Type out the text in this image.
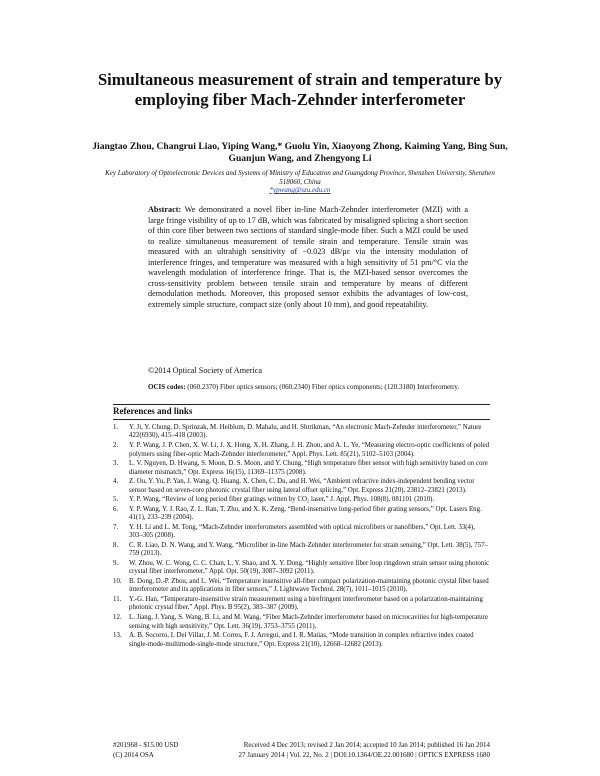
Simultaneous measurement of strain and temperature by employing fiber Mach-Zehnder interferometer

Jiangtao Zhou, Changrui Liao, Yiping Wang,* Guolu Yin, Xiaoyong Zhong, Kaiming Yang, Bing Sun, Guanjun Wang, and Zhengyong Li

Key Laboratory of Optoelectronic Devices and Systems of Ministry of Education and Guangdong Province, Shenzhen University, Shenzhen 518060, China

*ypwang@szu.edu.cn

Abstract: We demonstrated a novel fiber in-line Mach-Zehnder interferometer (MZI) with a large fringe visibility of up to 17 dB, which was fabricated by misaligned splicing a short section of thin core fiber between two sections of standard single-mode fiber. Such a MZI could be used to realize simultaneous measurement of tensile strain and temperature. Tensile strain was measured with an ultrahigh sensitivity of −0.023 dB/με via the intensity modulation of interference fringes, and temperature was measured with a high sensitivity of 51 pm/°C via the wavelength modulation of interference fringe. That is, the MZI-based sensor overcomes the cross-sensitivity problem between tensile strain and temperature by means of different demodulation methods. Moreover, this proposed sensor exhibits the advantages of low-cost, extremely simple structure, compact size (only about 10 mm), and good repeatability.

©2014 Optical Society of America

OCIS codes: (060.2370) Fiber optics sensors; (060.2340) Fiber optics components; (120.3180) Interferometry.

References and links
1.	Y. Ji, Y. Chung, D. Sprinzak, M. Heiblum, D. Mahalu, and H. Shtrikman, “An electronic Mach-Zehnder interferometer,” Nature 422(6930), 415–418 (2003).
2.	Y. P. Wang, J. P. Chen, X. W. Li, J. X. Hong, X. H. Zhang, J. H. Zhou, and A. L. Ye, “Measuring electro-optic coefficients of poled polymers using fiber-optic Mach-Zehnder interferometer,” Appl. Phys. Lett. 85(21), 5102–5103 (2004).
3.	L. V. Nguyen, D. Hwang, S. Moon, D. S. Moon, and Y. Chung, “High temperature fiber sensor with high sensitivity based on core diameter mismatch,” Opt. Express 16(15), 11369–11375 (2008).
4.	Z. Ou, Y. Yu, P. Yan, J. Wang, Q. Huang, X. Chen, C. Du, and H. Wei, “Ambient refractive index-independent bending vector sensor based on seven-core photonic crystal fiber using lateral offset splicing,” Opt. Express 21(20), 23812–23821 (2013).
5.	Y. P. Wang, “Review of long period fiber gratings written by CO₂ laser,” J. Appl. Phys. 108(8), 081101 (2010).
6.	Y. P. Wang, Y. J. Rao, Z. L. Ran, T. Zhu, and X. K. Zeng, “Bend-insensitive long-period fiber grating sensors,” Opt. Lasers Eng. 41(1), 233–239 (2004).
7.	Y. H. Li and L. M. Tong, “Mach-Zehnder interferometers assembled with optical microfibers or nanofibers,” Opt. Lett. 33(4), 303–305 (2008).
8.	C. R. Liao, D. N. Wang, and Y. Wang, “Microfiber in-line Mach-Zehnder interferometer for strain sensing,” Opt. Lett. 38(5), 757–759 (2013).
9.	W. Zhou, W. C. Wong, C. C. Chan, L. Y. Shao, and X. Y. Dong, “Highly sensitive fiber loop ringdown strain sensor using photonic crystal fiber interferometer,” Appl. Opt. 50(19), 3087–3092 (2011).
10.	B. Dong, D.-P. Zhou, and L. Wei, “Temperature insensitive all-fiber compact polarization-maintaining photonic crystal fiber based interferometer and its applications in fiber sensors,” J. Lightwave Technol. 28(7), 1011–1015 (2010).
11.	Y.-G. Han, “Temperature-insensitive strain measurement using a birefringent interferometer based on a polarization-maintaining photonic crystal fiber,” Appl. Phys. B 95(2), 383–387 (2009).
12.	L. Jiang, J. Yang, S. Wang, B. Li, and M. Wang, “Fiber Mach-Zehnder interferometer based on microcavities for high-temperature sensing with high sensitivity,” Opt. Lett. 36(19), 3753–3755 (2011).
13.	A. B. Socorro, I. Del Villar, J. M. Corres, F. J. Arregui, and I. R. Matias, “Mode transition in complex refractive index coated single-mode-multimode-single-mode structure,” Opt. Express 21(10), 12668–12682 (2013).
#201968 - $15.00 USD	Received 4 Dec 2013; revised 2 Jan 2014; accepted 10 Jan 2014; published 16 Jan 2014
(C) 2014 OSA	27 January 2014 | Vol. 22, No. 2 | DOI:10.1364/OE.22.001680 | OPTICS EXPRESS 1680
